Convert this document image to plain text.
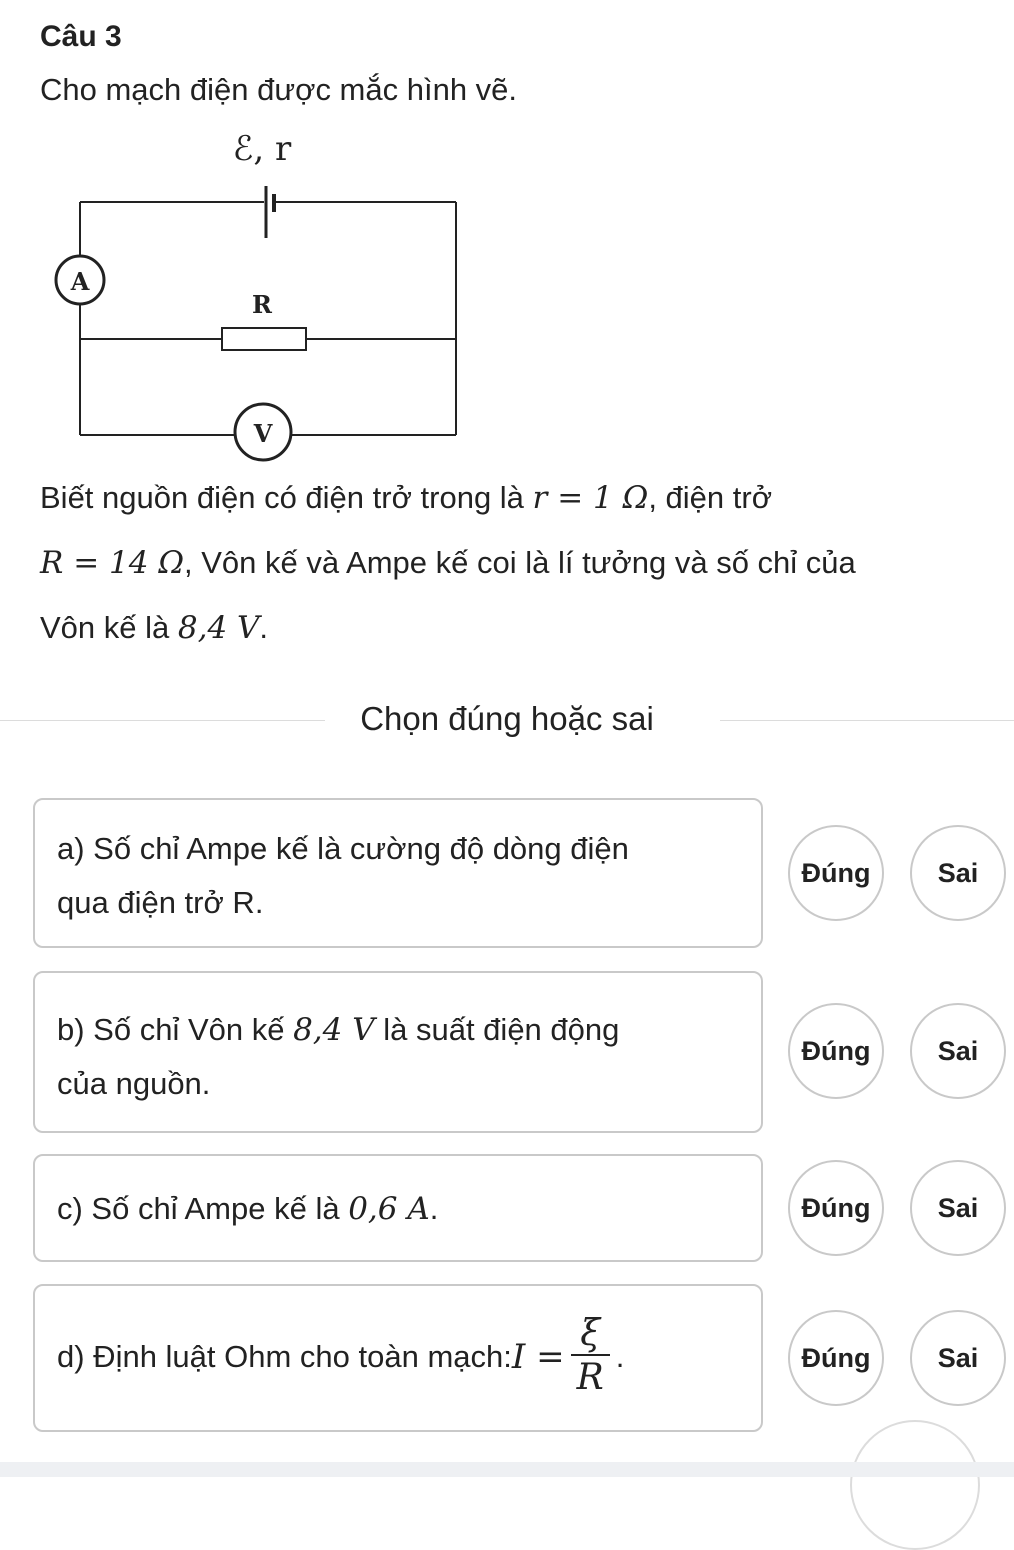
Câu 3
Cho mạch điện được mắc hình vẽ.
A
V
ℰ, r
R
Biết nguồn điện có điện trở trong là r = 1 Ω, điện trở
R = 14 Ω, Vôn kế và Ampe kế coi là lí tưởng và số chỉ của
Vôn kế là 8,4 V.
Chọn đúng hoặc sai
a) Số chỉ Ampe kế là cường độ dòng điện
qua điện trở R.
Đúng	Sai
b) Số chỉ Vôn kế 8,4 V là suất điện động
của nguồn.
Đúng	Sai
c) Số chỉ Ampe kế là 0,6 A.	Đúng	Sai
d) Định luật Ohm cho toàn mạch: $I = \frac{\xi}{R}$ .	Đúng	Sai
